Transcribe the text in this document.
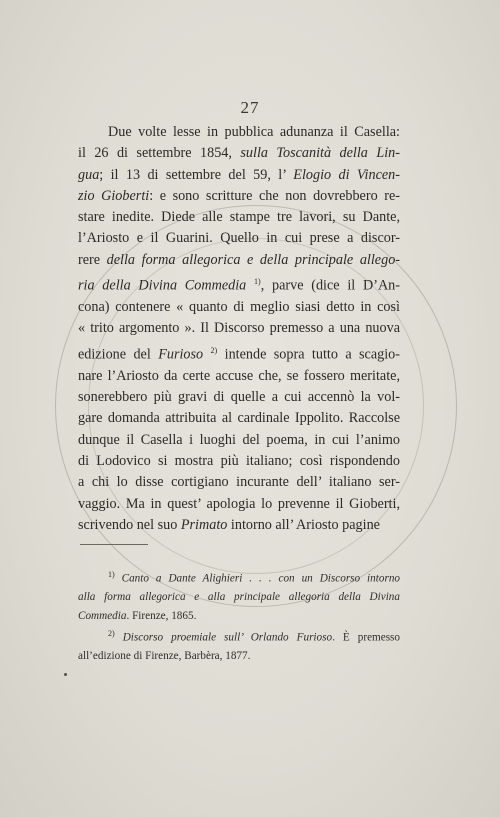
27
Due volte lesse in pubblica adunanza il Casella:
il 26 di settembre 1854, sulla Toscanità della Lin-
gua; il 13 di settembre del 59, l’ Elogio di Vincen-
zio Gioberti: e sono scritture che non dovrebbero re-
stare inedite. Diede alle stampe tre lavori, su Dante,
l’Ariosto e il Guarini. Quello in cui prese a discor-
rere della forma allegorica e della principale allego-
ria della Divina Commedia $^{1)}$, parve (dice il D’An-
cona) contenere « quanto di meglio siasi detto in così
« trito argomento ». Il Discorso premesso a una nuova
edizione del Furioso $^{2)}$ intende sopra tutto a scagio-
nare l’Ariosto da certe accuse che, se fossero meritate,
sonerebbero più gravi di quelle a cui accennò la vol-
gare domanda attribuita al cardinale Ippolito. Raccolse
dunque il Casella i luoghi del poema, in cui l’animo
di Lodovico si mostra più italiano; così rispondendo
a chi lo disse cortigiano incurante dell’ italiano ser-
vaggio. Ma in quest’ apologia lo prevenne il Gioberti,
scrivendo nel suo Primato intorno all’ Ariosto pagine
$^{1)}$ Canto a Dante Alighieri . . . con un Discorso intorno
alla forma allegorica e alla principale allegoria della Divina
Commedia. Firenze, 1865.
$^{2)}$ Discorso proemiale sull’ Orlando Furioso. È premesso
all’edizione di Firenze, Barbèra, 1877.
